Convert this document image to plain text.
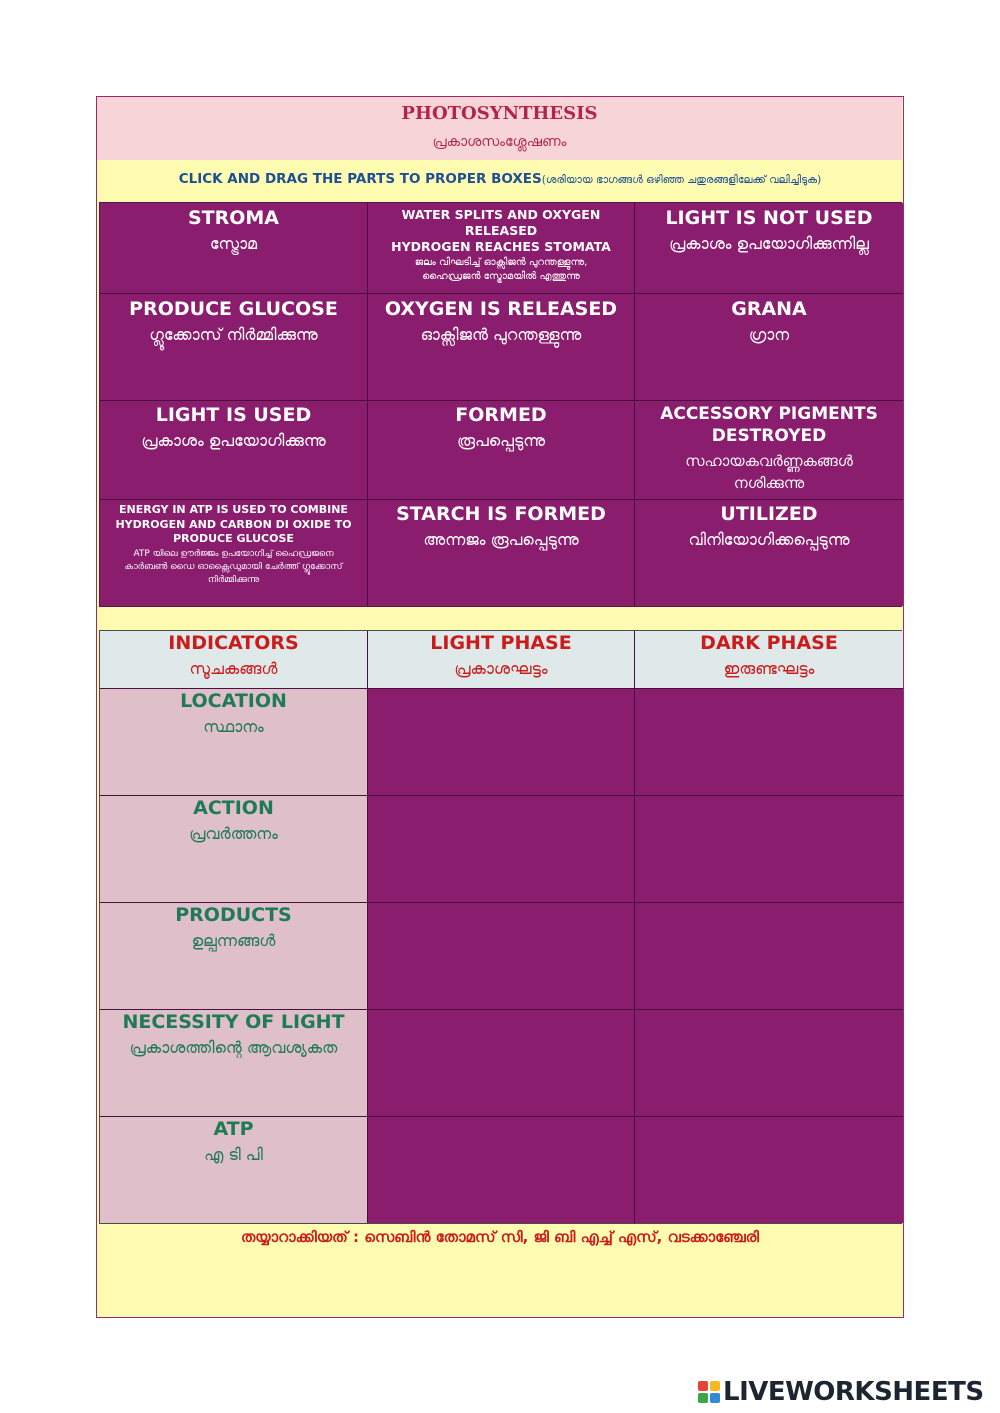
PHOTOSYNTHESIS
പ്രകാശസംശ്ലേഷണം
CLICK AND DRAG THE PARTS TO PROPER BOXES(ശരിയായ ഭാഗങ്ങൾ ഒഴിഞ്ഞ ചതുരങ്ങളിലേക്ക് വലിച്ചിടുക)
STROMA
സ്ട്രോമ
WATER SPLITS AND OXYGEN RELEASED
HYDROGEN REACHES STOMATA
ജലം വിഘടിച്ച് ഓക്സിജൻ പുറന്തള്ളുന്നു, ഹൈഡ്രജൻ സ്ട്രോമയിൽ എത്തുന്നു
LIGHT IS NOT USED
പ്രകാശം ഉപയോഗിക്കുന്നില്ല
PRODUCE GLUCOSE
ഗ്ലൂക്കോസ് നിർമ്മിക്കുന്നു
OXYGEN IS RELEASED
ഓക്സിജൻ പുറന്തള്ളുന്നു
GRANA
ഗ്രാന
LIGHT IS USED
പ്രകാശം ഉപയോഗിക്കുന്നു
FORMED
രൂപപ്പെടുന്നു
ACCESSORY PIGMENTS DESTROYED
സഹായകവർണ്ണകങ്ങൾ നശിക്കുന്നു
ENERGY IN ATP IS USED TO COMBINE HYDROGEN AND CARBON DI OXIDE TO PRODUCE GLUCOSE
ATP യിലെ ഊർജ്ജം ഉപയോഗിച്ച് ഹൈഡ്രജനെ കാർബൺ ഡൈ ഓക്സൈഡുമായി ചേർത്ത് ഗ്ലൂക്കോസ് നിർമ്മിക്കുന്നു
STARCH IS FORMED
അന്നജം രൂപപ്പെടുന്നു
UTILIZED
വിനിയോഗിക്കപ്പെടുന്നു
INDICATORS
സൂചകങ്ങൾ
LIGHT PHASE
പ്രകാശഘട്ടം
DARK PHASE
ഇരുണ്ടഘട്ടം
LOCATION
സ്ഥാനം
ACTION
പ്രവർത്തനം
PRODUCTS
ഉല്പന്നങ്ങൾ
NECESSITY OF LIGHT
പ്രകാശത്തിന്റെ ആവശ്യകത
ATP
എ ടി പി
തയ്യാറാക്കിയത് : സെബിൻ തോമസ് സി, ജി ബി എച്ച് എസ്, വടക്കാഞ്ചേരി
LIVEWORKSHEETS
